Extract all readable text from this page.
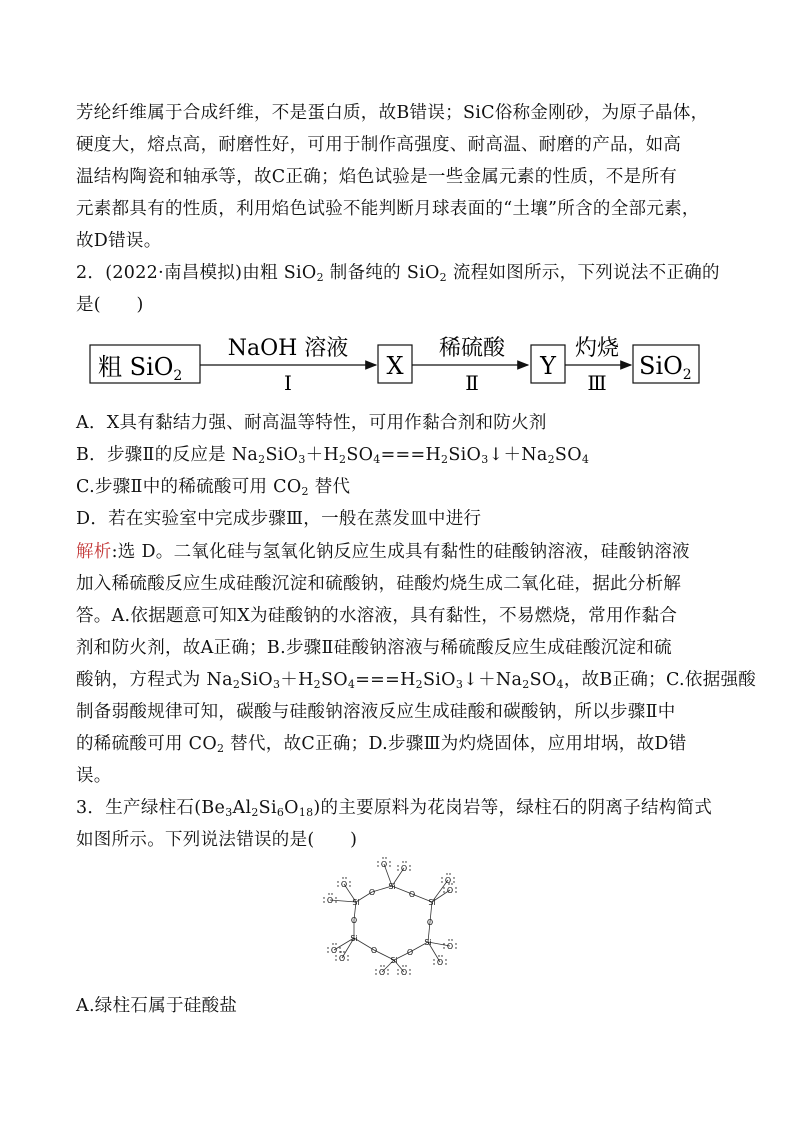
芳纶纤维属于合成纤维，不是蛋白质，故B错误；SiC俗称金刚砂，为原子晶体，
硬度大，熔点高，耐磨性好，可用于制作高强度、耐高温、耐磨的产品，如高
温结构陶瓷和轴承等，故C正确；焰色试验是一些金属元素的性质，不是所有
元素都具有的性质，利用焰色试验不能判断月球表面的“土壤”所含的全部元素，
故D错误。
2．(2022·南昌模拟)由粗 SiO$_2$ 制备纯的 SiO$_2$ 流程如图所示，下列说法不正确的
是(　　)
粗 SiO$_2$
NaOH 溶液
Ⅰ
X
稀硫酸
Ⅱ
Y
灼烧
Ⅲ
SiO$_2$
A．X具有黏结力强、耐高温等特性，可用作黏合剂和防火剂
B．步骤Ⅱ的反应是 $Na_2SiO_3+H_2SO_4===H_2SiO_3↓+Na_2SO_4$
C.步骤Ⅱ中的稀硫酸可用 $CO_2$ 替代
D．若在实验室中完成步骤Ⅲ，一般在蒸发皿中进行
解析:选 D。二氧化硅与氢氧化钠反应生成具有黏性的硅酸钠溶液，硅酸钠溶液
加入稀硫酸反应生成硅酸沉淀和硫酸钠，硅酸灼烧生成二氧化硅，据此分析解
答。A.依据题意可知X为硅酸钠的水溶液，具有黏性，不易燃烧，常用作黏合
剂和防火剂，故A正确；B.步骤Ⅱ硅酸钠溶液与稀硫酸反应生成硅酸沉淀和硫
酸钠，方程式为 $Na_2SiO_3+H_2SO_4===H_2SiO_3↓+Na_2SO_4$，故B正确；C.依据强酸
制备弱酸规律可知，碳酸与硅酸钠溶液反应生成硅酸和碳酸钠，所以步骤Ⅱ中
的稀硫酸可用 $CO_2$ 替代，故C正确；D.步骤Ⅲ为灼烧固体，应用坩埚，故D错
误。
3．生产绿柱石$(Be_3Al_2Si_6O_{18})$的主要原料为花岗岩等，绿柱石的阴离子结构简式
如图所示。下列说法错误的是(　　)
Si
Si
Si
Si
Si
Si
O
O
O
O
O
O
O O
O
O
O
O
O
O
O
O
O
O
A.绿柱石属于硅酸盐
